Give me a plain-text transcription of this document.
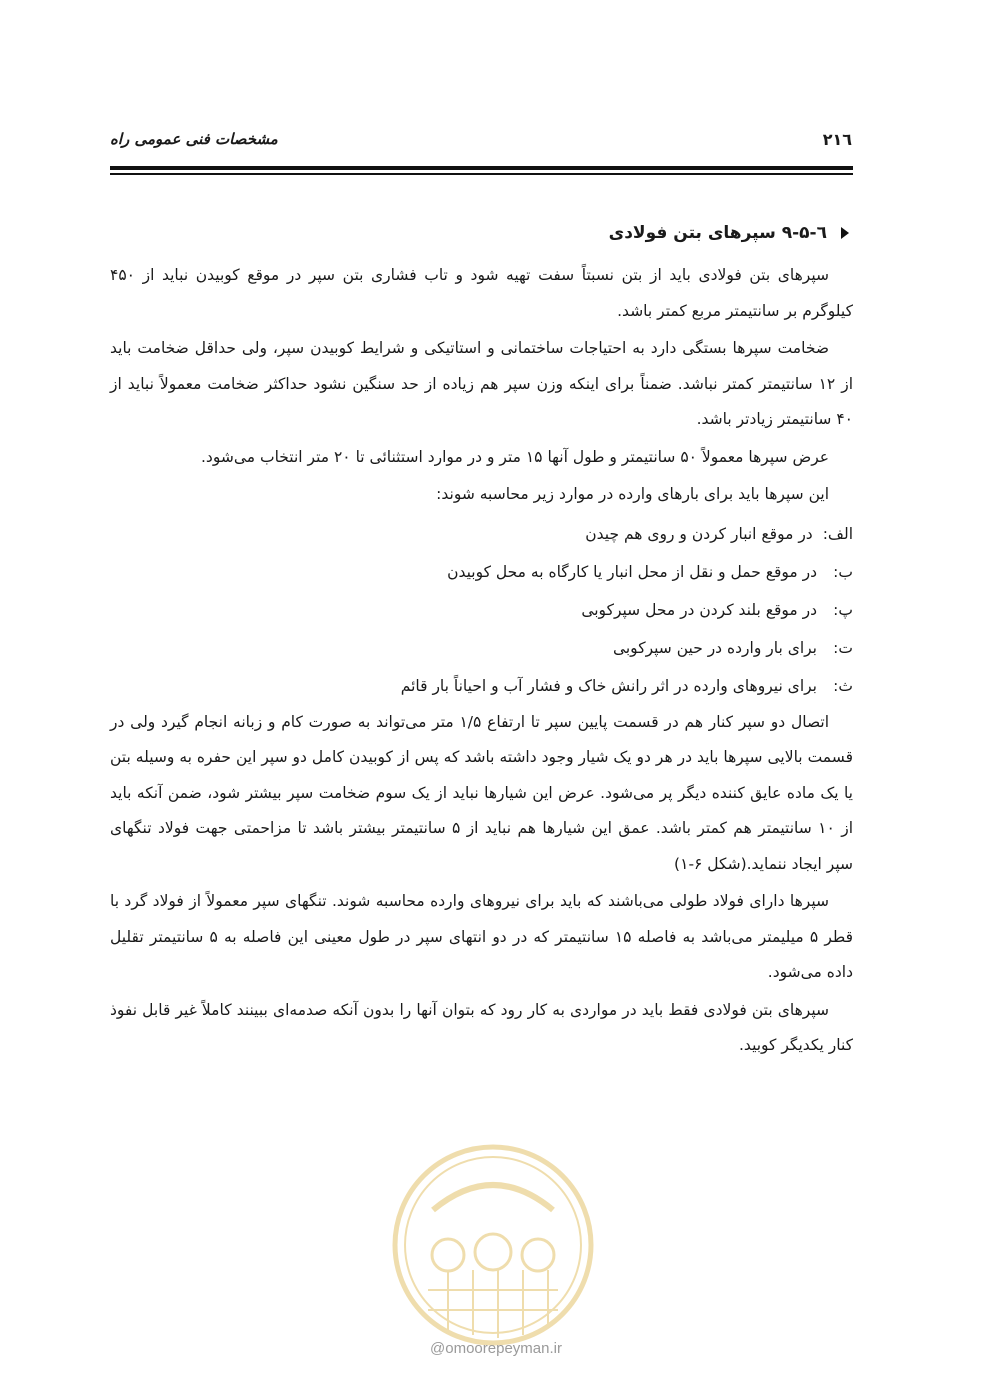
مشخصات فنی عمومی راه	۲۱٦
٦-۹-۵ سپرهای بتن فولادی

سپرهای بتن فولادی باید از بتن نسبتاً سفت تهیه شود و تاب فشاری بتن سپر در موقع کوبیدن نباید از ۴۵۰ کیلوگرم بر سانتیمتر مربع کمتر باشد.

ضخامت سپرها بستگی دارد به احتیاجات ساختمانی و استاتیکی و شرایط کوبیدن سپر، ولی حداقل ضخامت باید از ۱۲ سانتیمتر کمتر نباشد. ضمناً برای اینکه وزن سپر هم زیاده از حد سنگین نشود حداکثر ضخامت معمولاً نباید از ۴۰ سانتیمتر زیادتر باشد.

عرض سپرها معمولاً ۵۰ سانتیمتر و طول آنها ۱۵ متر و در موارد استثنائی تا ۲۰ متر انتخاب می‌شود.

این سپرها باید برای بارهای وارده در موارد زیر محاسبه شوند:

الف:
در موقع انبار کردن و روی هم چیدن
ب:
در موقع حمل و نقل از محل انبار یا کارگاه به محل کوبیدن
پ:
در موقع بلند کردن در محل سپرکوبی
ت:
برای بار وارده در حین سپرکوبی
ث:
برای نیروهای وارده در اثر رانش خاک و فشار آب و احیاناً بار قائم

اتصال دو سپر کنار هم در قسمت پایین سپر تا ارتفاع ۱/۵ متر می‌تواند به صورت کام و زبانه انجام گیرد ولی در قسمت بالایی سپرها باید در هر دو یک شیار وجود داشته باشد که پس از کوبیدن کامل دو سپر این حفره به وسیله بتن یا یک ماده عایق کننده دیگر پر می‌شود. عرض این شیارها نباید از یک سوم ضخامت سپر بیشتر شود، ضمن آنکه باید از ۱۰ سانتیمتر هم کمتر باشد. عمق این شیارها هم نباید از ۵ سانتیمتر بیشتر باشد تا مزاحمتی جهت فولاد تنگهای سپر ایجاد ننماید.(شکل ۶-۱)

سپرها دارای فولاد طولی می‌باشند که باید برای نیروهای وارده محاسبه شوند. تنگهای سپر معمولاً از فولاد گرد با قطر ۵ میلیمتر می‌باشد به فاصله ۱۵ سانتیمتر که در دو انتهای سپر در طول معینی این فاصله به ۵ سانتیمتر تقلیل داده می‌شود.

سپرهای بتن فولادی فقط باید در مواردی به کار رود که بتوان آنها را بدون آنکه صدمه‌ای ببینند کاملاً غیر قابل نفوذ کنار یکدیگر کوبید.

@omoorepeyman.ir
